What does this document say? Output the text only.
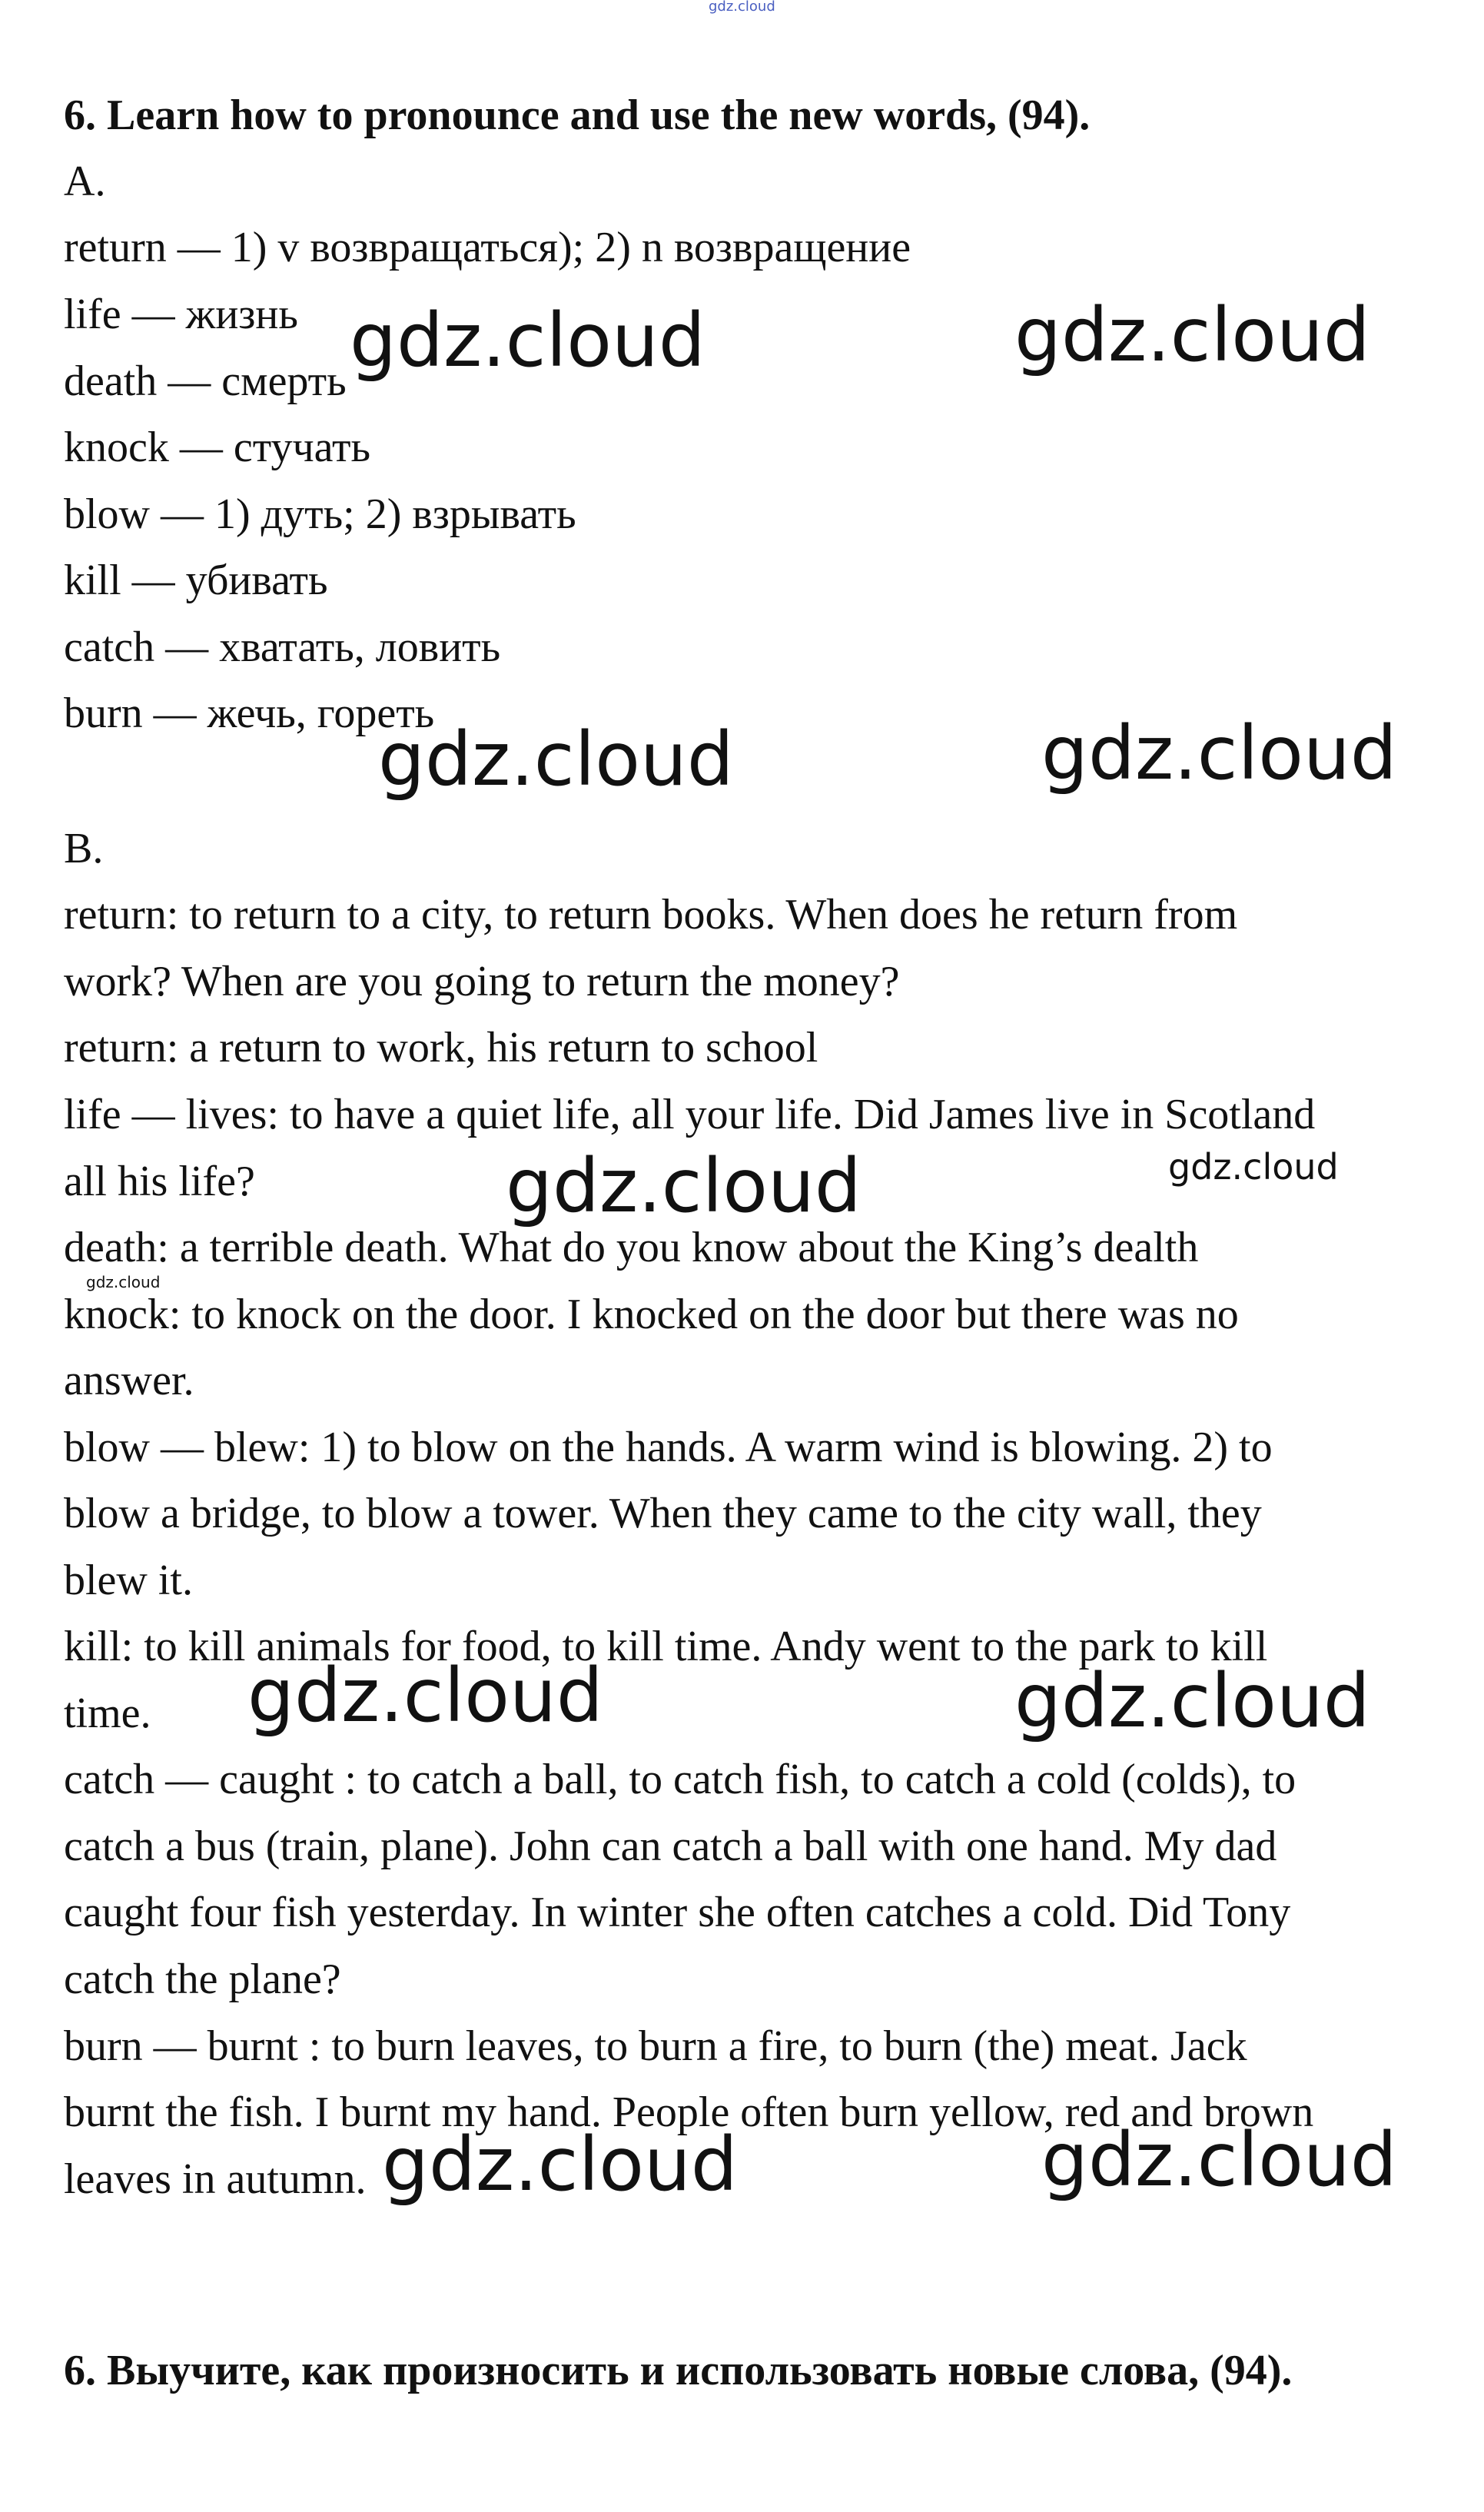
gdz.cloud
6. Learn how to pronounce and use the new words, (94).
A.
return — 1) v возвращаться); 2) n возвращение
life — жизнь
death — смерть
knock — стучать
blow — 1) дуть; 2) взрывать
kill — убивать
catch — хватать, ловить
burn — жечь, гореть
B.
return: to return to a city, to return books. When does he return from
work? When are you going to return the money?
return: a return to work, his return to school
life — lives: to have a quiet life, all your life. Did James live in Scotland
all his life?
death: a terrible death. What do you know about the King’s dealth
knock: to knock on the door. I knocked on the door but there was no
answer.
blow — blew: 1) to blow on the hands. A warm wind is blowing. 2) to
blow a bridge, to blow a tower. When they came to the city wall, they
blew it.
kill: to kill animals for food, to kill time. Andy went to the park to kill
time.
catch — caught : to catch a ball, to catch fish, to catch a cold (colds), to
catch a bus (train, plane). John can catch a ball with one hand. My dad
caught four fish yesterday. In winter she often catches a cold. Did Tony
catch the plane?
burn — burnt : to burn leaves, to burn a fire, to burn (the) meat. Jack
burnt the fish. I burnt my hand. People often burn yellow, red and brown
leaves in autumn.
6. Выучите, как произносить и использовать новые слова, (94).
gdz.cloud	gdz.cloud
gdz.cloud	gdz.cloud
gdz.cloud	gdz.cloud
gdz.cloud
gdz.cloud	gdz.cloud
gdz.cloud	gdz.cloud
